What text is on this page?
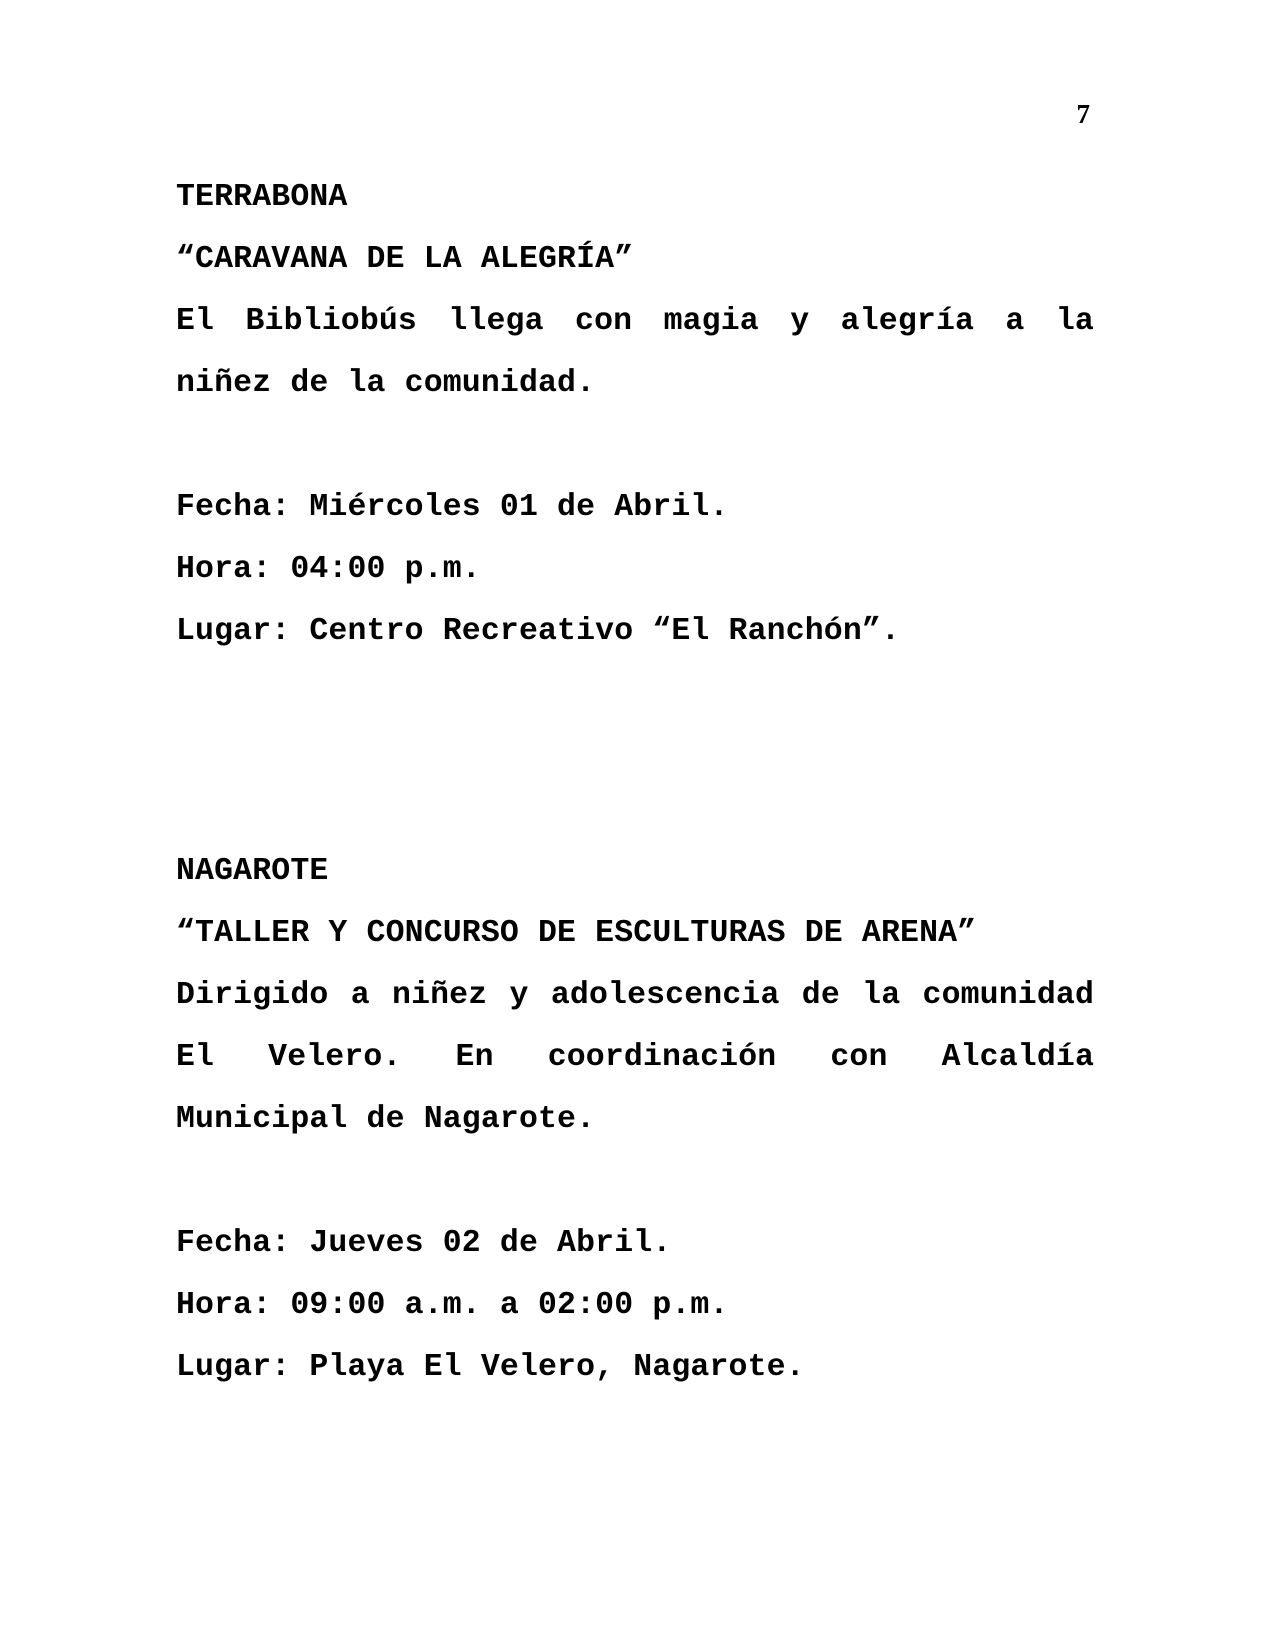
7
TERRABONA
“CARAVANA DE LA ALEGRÍA”
El Bibliobús llega con magia y alegría a la niñez de la comunidad.
Fecha: Miércoles 01 de Abril.
Hora: 04:00 p.m.
Lugar: Centro Recreativo “El Ranchón”.
NAGAROTE
“TALLER Y CONCURSO DE ESCULTURAS DE ARENA”
Dirigido a niñez y adolescencia de la comunidad El Velero. En coordinación con Alcaldía Municipal de Nagarote.
Fecha: Jueves 02 de Abril.
Hora: 09:00 a.m. a 02:00 p.m.
Lugar: Playa El Velero, Nagarote.
